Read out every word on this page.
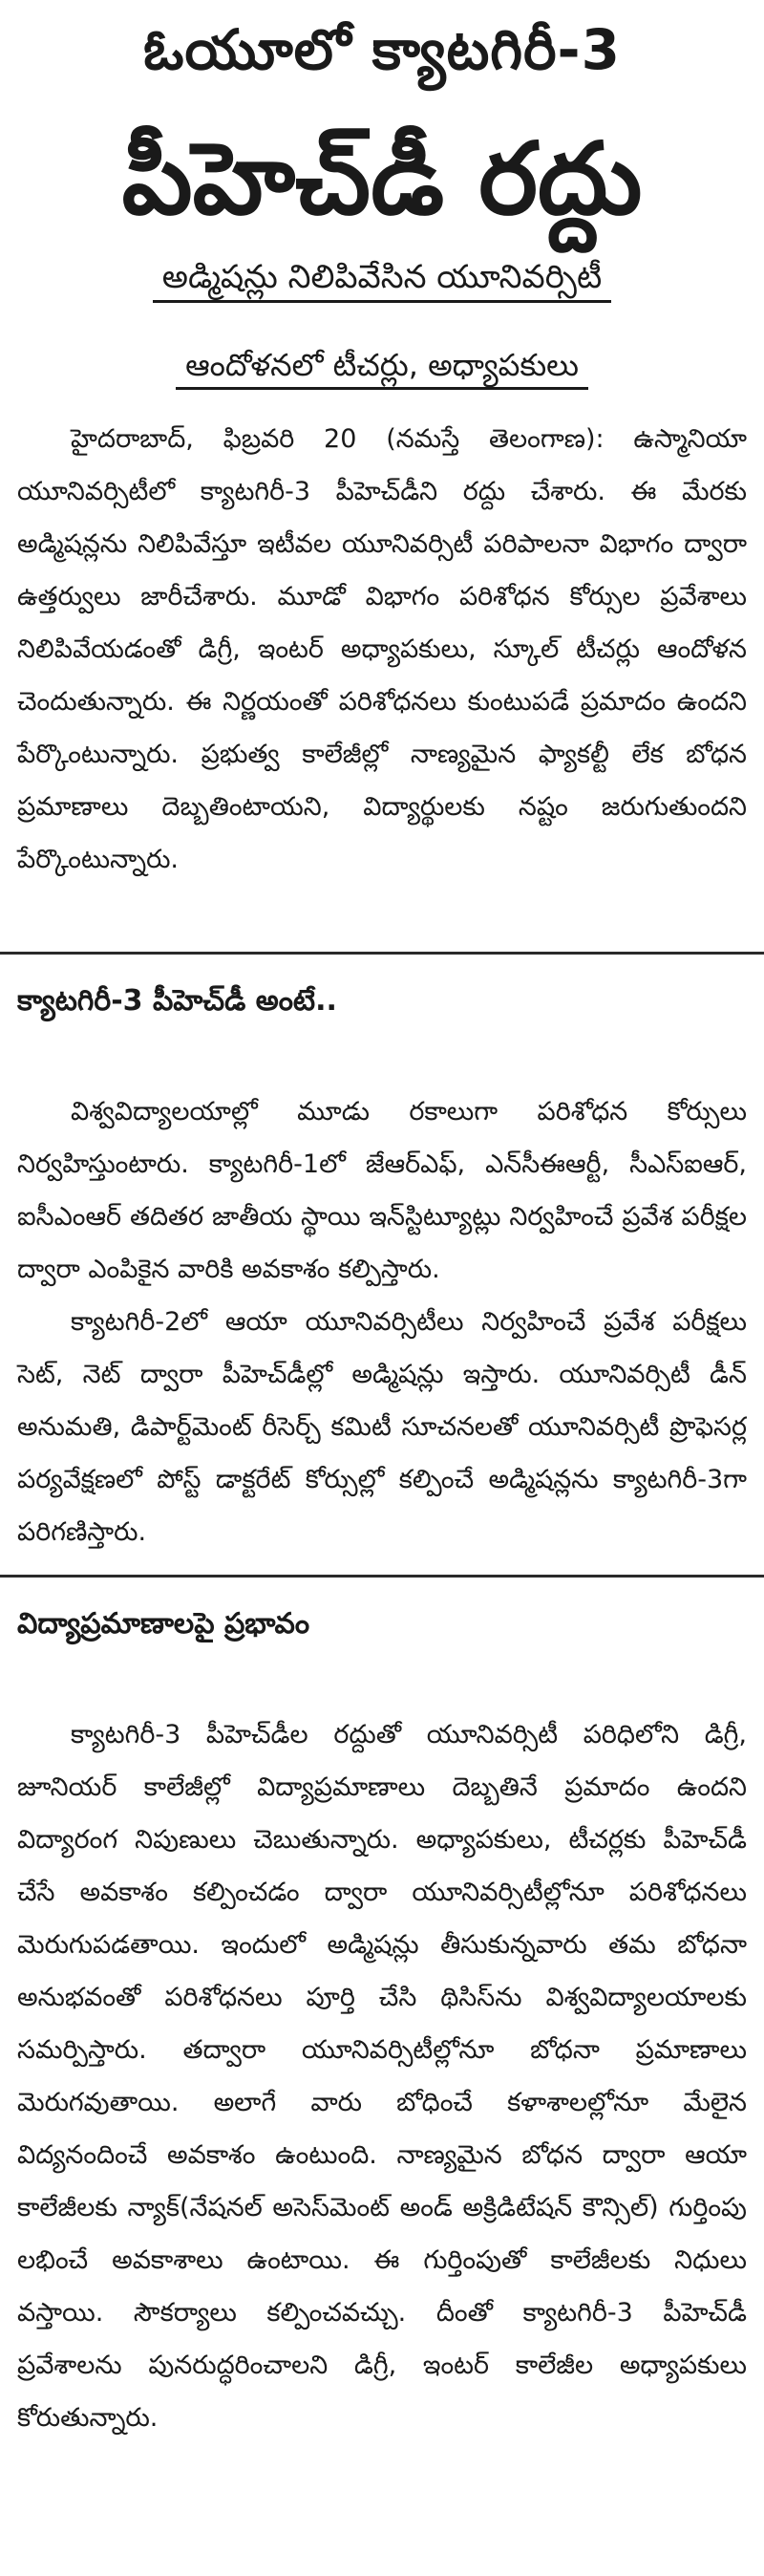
ఓయూలో క్యాటగిరీ-3
పీహెచ్‌డీ రద్దు
అడ్మిషన్లు నిలిపివేసిన యూనివర్సిటీ
ఆందోళనలో టీచర్లు, అధ్యాపకులు

హైదరాబాద్, ఫిబ్రవరి 20 (నమస్తే తెలంగాణ): ఉస్మానియా యూనివర్సిటీలో క్యాటగిరీ-3 పీహెచ్‌డీని రద్దు చేశారు. ఈ మేరకు అడ్మిషన్లను నిలిపివేస్తూ ఇటీవల యూనివర్సిటీ పరిపాలనా విభాగం ద్వారా ఉత్తర్వులు జారీచేశారు. మూడో విభాగం పరిశోధన కోర్సుల ప్రవేశాలు నిలిపివేయడంతో డిగ్రీ, ఇంటర్ అధ్యాపకులు, స్కూల్ టీచర్లు ఆందోళన చెందుతున్నారు. ఈ నిర్ణయంతో పరిశోధనలు కుంటుపడే ప్రమాదం ఉందని పేర్కొంటున్నారు. ప్రభుత్వ కాలేజీల్లో నాణ్యమైన ఫ్యాకల్టీ లేక బోధన ప్రమాణాలు దెబ్బతింటాయని, విద్యార్థులకు నష్టం జరుగుతుందని పేర్కొంటున్నారు.

క్యాటగిరీ-3 పీహెచ్‌డీ అంటే..

విశ్వవిద్యాలయాల్లో మూడు రకాలుగా పరిశోధన కోర్సులు నిర్వహిస్తుంటారు. క్యాటగిరీ-1లో జేఆర్‌ఎఫ్, ఎన్‌సీఈఆర్టీ, సీఎస్ఐఆర్, ఐసీఎంఆర్ తదితర జాతీయ స్థాయి ఇన్‌స్టిట్యూట్లు నిర్వహించే ప్రవేశ పరీక్షల ద్వారా ఎంపికైన వారికి అవకాశం కల్పిస్తారు.

క్యాటగిరీ-2లో ఆయా యూనివర్సిటీలు నిర్వహించే ప్రవేశ పరీక్షలు సెట్, నెట్ ద్వారా పీహెచ్‌డీల్లో అడ్మిషన్లు ఇస్తారు. యూనివర్సిటీ డీన్ అనుమతి, డిపార్ట్‌మెంట్ రీసెర్చ్ కమిటీ సూచనలతో యూనివర్సిటీ ప్రొఫెసర్ల పర్యవేక్షణలో పోస్ట్ డాక్టరేట్ కోర్సుల్లో కల్పించే అడ్మిషన్లను క్యాటగిరీ-3గా పరిగణిస్తారు.

విద్యాప్రమాణాలపై ప్రభావం

క్యాటగిరీ-3 పీహెచ్‌డీల రద్దుతో యూనివర్సిటీ పరిధిలోని డిగ్రీ, జూనియర్ కాలేజీల్లో విద్యాప్రమాణాలు దెబ్బతినే ప్రమాదం ఉందని విద్యారంగ నిపుణులు చెబుతున్నారు. అధ్యాపకులు, టీచర్లకు పీహెచ్‌డీ చేసే అవకాశం కల్పించడం ద్వారా యూనివర్సిటీల్లోనూ పరిశోధనలు మెరుగుపడతాయి. ఇందులో అడ్మిషన్లు తీసుకున్నవారు తమ బోధనా అనుభవంతో పరిశోధనలు పూర్తి చేసి థిసిస్‌ను విశ్వవిద్యాలయాలకు సమర్పిస్తారు. తద్వారా యూనివర్సిటీల్లోనూ బోధనా ప్రమాణాలు మెరుగవుతాయి. అలాగే వారు బోధించే కళాశాలల్లోనూ మేలైన విద్యనందించే అవకాశం ఉంటుంది. నాణ్యమైన బోధన ద్వారా ఆయా కాలేజీలకు న్యాక్(నేషనల్ అసెస్‌మెంట్ అండ్ అక్రిడిటేషన్ కౌన్సిల్) గుర్తింపు లభించే అవకాశాలు ఉంటాయి. ఈ గుర్తింపుతో కాలేజీలకు నిధులు వస్తాయి. సౌకర్యాలు కల్పించవచ్చు. దీంతో క్యాటగిరీ-3 పీహెచ్‌డీ ప్రవేశాలను పునరుద్ధరించాలని డిగ్రీ, ఇంటర్ కాలేజీల అధ్యాపకులు కోరుతున్నారు.
